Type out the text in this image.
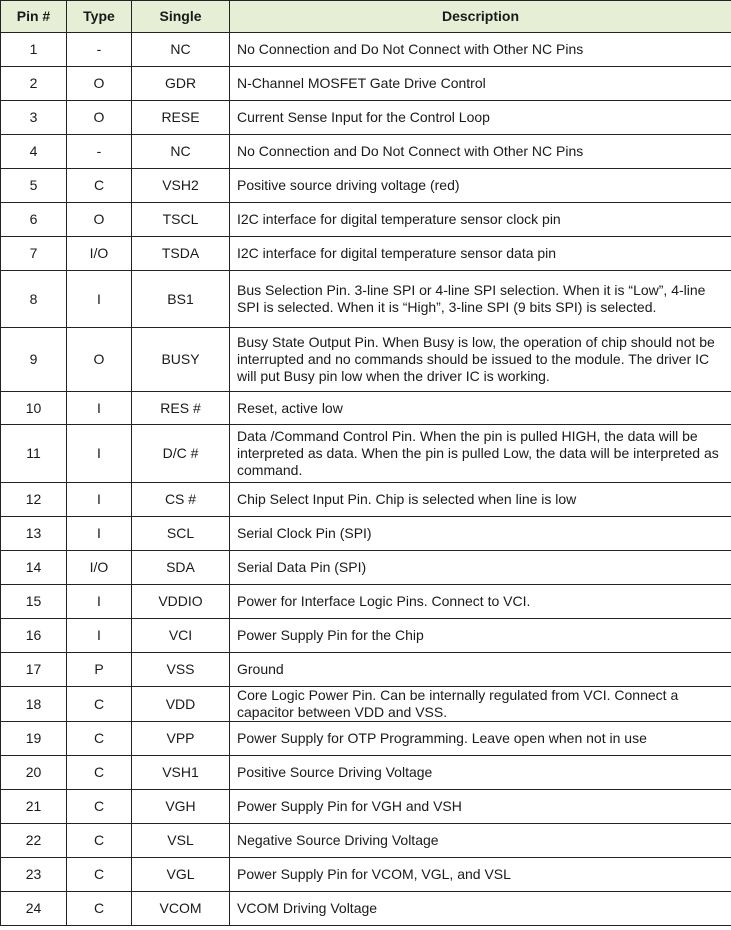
Pin #	Type	Single	Description
1	-	NC	No Connection and Do Not Connect with Other NC Pins
2	O	GDR	N-Channel MOSFET Gate Drive Control
3	O	RESE	Current Sense Input for the Control Loop
4	-	NC	No Connection and Do Not Connect with Other NC Pins
5	C	VSH2	Positive source driving voltage (red)
6	O	TSCL	I2C interface for digital temperature sensor clock pin
7	I/O	TSDA	I2C interface for digital temperature sensor data pin
8	I	BS1	Bus Selection Pin. 3-line SPI or 4-line SPI selection. When it is “Low”, 4-line SPI is selected. When it is “High”, 3-line SPI (9 bits SPI) is selected.
9	O	BUSY	Busy State Output Pin. When Busy is low, the operation of chip should not be interrupted and no commands should be issued to the module. The driver IC will put Busy pin low when the driver IC is working.
10	I	RES #	Reset, active low
11	I	D/C #	Data /Command Control Pin. When the pin is pulled HIGH, the data will be interpreted as data. When the pin is pulled Low, the data will be interpreted as command.
12	I	CS #	Chip Select Input Pin. Chip is selected when line is low
13	I	SCL	Serial Clock Pin (SPI)
14	I/O	SDA	Serial Data Pin (SPI)
15	I	VDDIO	Power for Interface Logic Pins. Connect to VCI.
16	I	VCI	Power Supply Pin for the Chip
17	P	VSS	Ground
18	C	VDD	Core Logic Power Pin. Can be internally regulated from VCI. Connect a capacitor between VDD and VSS.
19	C	VPP	Power Supply for OTP Programming. Leave open when not in use
20	C	VSH1	Positive Source Driving Voltage
21	C	VGH	Power Supply Pin for VGH and VSH
22	C	VSL	Negative Source Driving Voltage
23	C	VGL	Power Supply Pin for VCOM, VGL, and VSL
24	C	VCOM	VCOM Driving Voltage
